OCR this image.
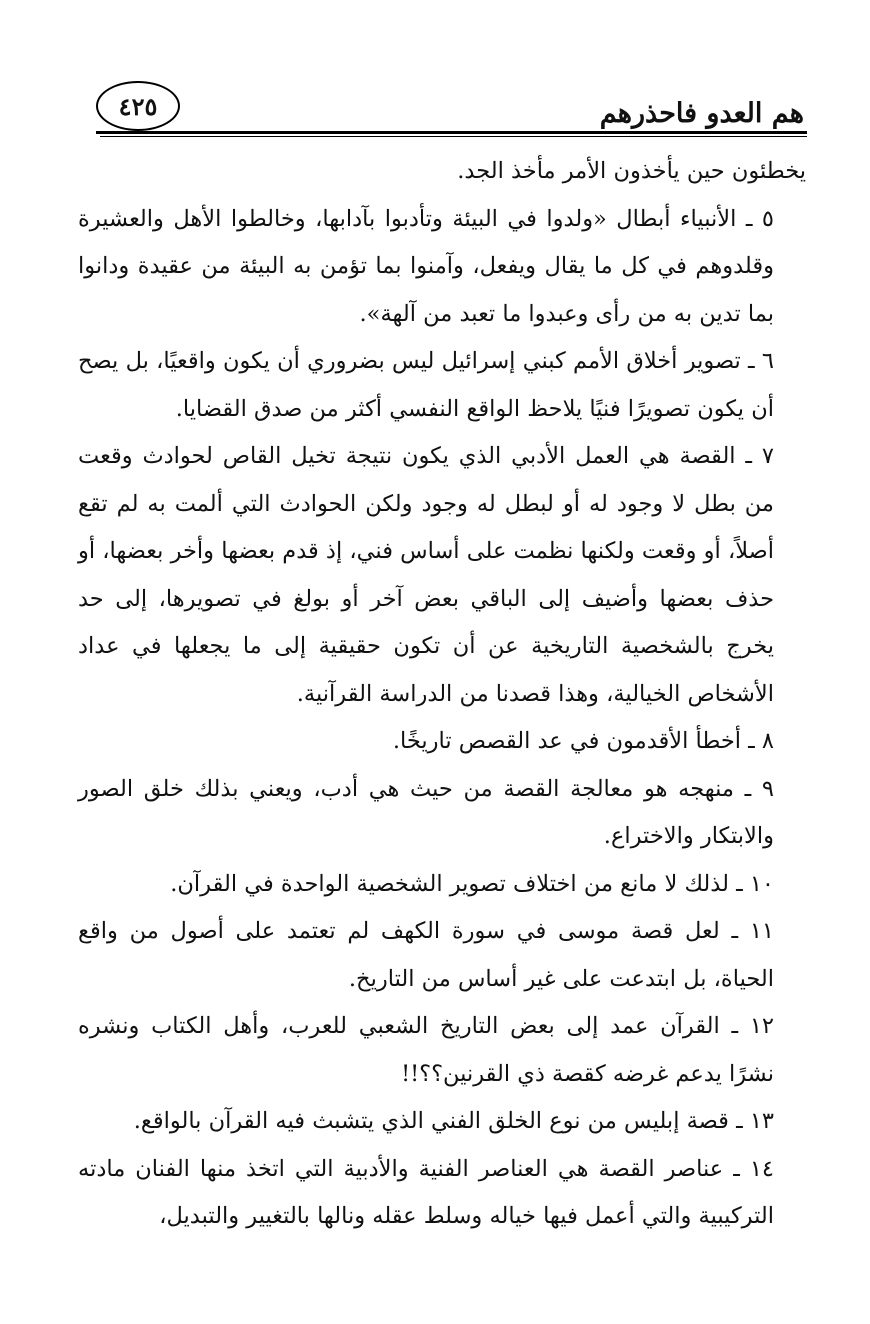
هم العدو فاحذرهم
٤٢٥

يخطئون حين يأخذون الأمر مأخذ الجد.

٥ ـ الأنبياء أبطال «ولدوا في البيئة وتأدبوا بآدابها، وخالطوا الأهل والعشيرة وقلدوهم في كل ما يقال ويفعل، وآمنوا بما تؤمن به البيئة من عقيدة ودانوا بما تدين به من رأى وعبدوا ما تعبد من آلهة».

٦ ـ تصوير أخلاق الأمم كبني إسرائيل ليس بضروري أن يكون واقعيًا، بل يصح أن يكون تصويرًا فنيًا يلاحظ الواقع النفسي أكثر من صدق القضايا.

٧ ـ القصة هي العمل الأدبي الذي يكون نتيجة تخيل القاص لحوادث وقعت من بطل لا وجود له أو لبطل له وجود ولكن الحوادث التي ألمت به لم تقع أصلاً، أو وقعت ولكنها نظمت على أساس فني، إذ قدم بعضها وأخر بعضها، أو حذف بعضها وأضيف إلى الباقي بعض آخر أو بولغ في تصويرها، إلى حد يخرج بالشخصية التاريخية عن أن تكون حقيقية إلى ما يجعلها في عداد الأشخاص الخيالية، وهذا قصدنا من الدراسة القرآنية.

٨ ـ أخطأ الأقدمون في عد القصص تاريخًا.

٩ ـ منهجه هو معالجة القصة من حيث هي أدب، ويعني بذلك خلق الصور والابتكار والاختراع.

١٠ ـ لذلك لا مانع من اختلاف تصوير الشخصية الواحدة في القرآن.

١١ ـ لعل قصة موسى في سورة الكهف لم تعتمد على أصول من واقع الحياة، بل ابتدعت على غير أساس من التاريخ.

١٢ ـ القرآن عمد إلى بعض التاريخ الشعبي للعرب، وأهل الكتاب ونشره نشرًا يدعم غرضه كقصة ذي القرنين؟؟!!

١٣ ـ قصة إبليس من نوع الخلق الفني الذي يتشبث فيه القرآن بالواقع.

١٤ ـ عناصر القصة هي العناصر الفنية والأدبية التي اتخذ منها الفنان مادته التركيبية والتي أعمل فيها خياله وسلط عقله ونالها بالتغيير والتبديل،
